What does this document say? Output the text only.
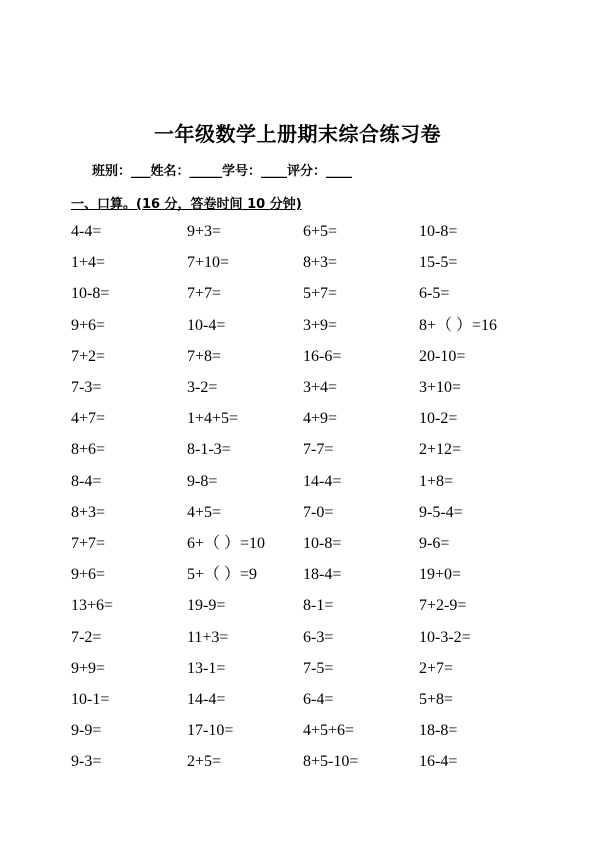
一年级数学上册期末综合练习卷
班别：___姓名：_____学号：____评分：____
一、口算。(16 分，答卷时间 10 分钟)
4-4=	9+3=	6+5=	10-8=
1+4=	7+10=	8+3=	15-5=
10-8=	7+7=	5+7=	6-5=
9+6=	10-4=	3+9=	8+（ ）=16
7+2=	7+8=	16-6=	20-10=
7-3=	3-2=	3+4=	3+10=
4+7=	1+4+5=	4+9=	10-2=
8+6=	8-1-3=	7-7=	2+12=
8-4=	9-8=	14-4=	1+8=
8+3=	4+5=	7-0=	9-5-4=
7+7=	6+（ ）=10 10-8=	9-6=
9+6=	5+（ ）=9	18-4=	19+0=
13+6=	19-9=	8-1=	7+2-9=
7-2=	11+3=	6-3=	10-3-2=
9+9=	13-1=	7-5=	2+7=
10-1=	14-4=	6-4=	5+8=
9-9=	17-10=	4+5+6=	18-8=
9-3=	2+5=	8+5-10=	16-4=
